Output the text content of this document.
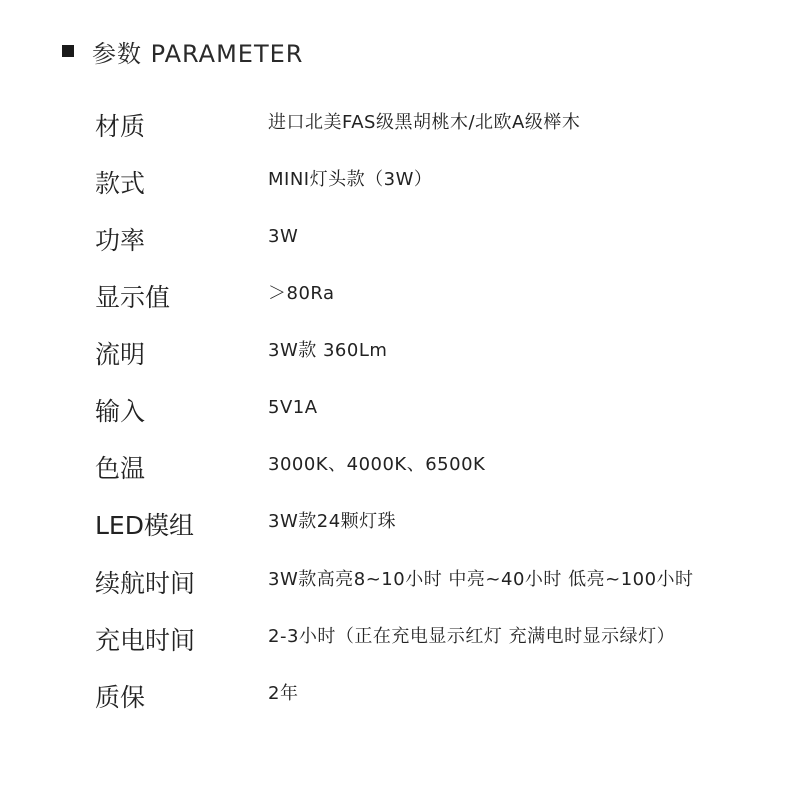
参数 PARAMETER
材质	进口北美FAS级黑胡桃木/北欧A级榉木
款式	MINI灯头款（3W）
功率	3W
显示值	＞80Ra
流明	3W款 360Lm
输入	5V1A
色温	3000K、4000K、6500K
LED模组	3W款24颗灯珠
续航时间	3W款高亮8~10小时 中亮~40小时 低亮~100小时
充电时间	2-3小时（正在充电显示红灯 充满电时显示绿灯）
质保	2年
